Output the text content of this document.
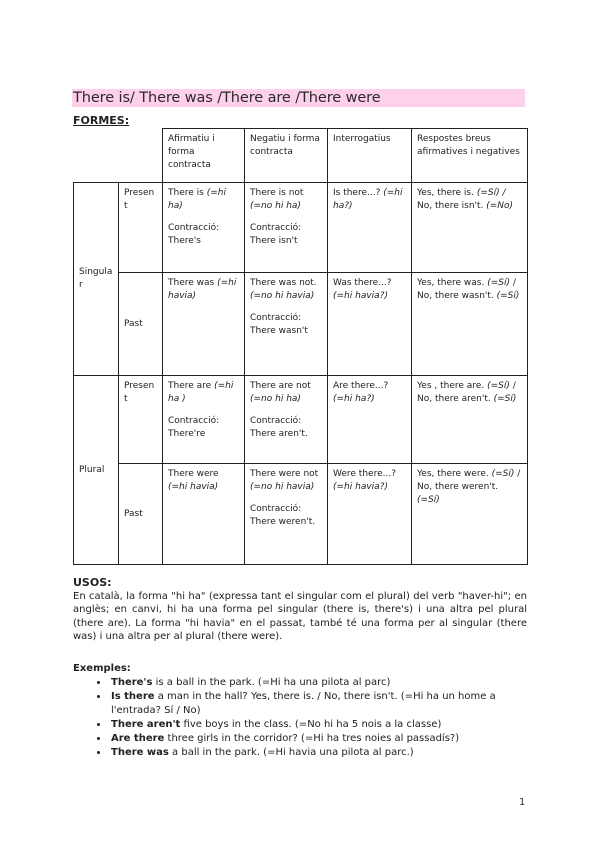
There is/ There was /There are /There were
FORMES:
		Afirmatiu i forma contracta	Negatiu i forma contracta	Interrogatius	Respostes breus afirmatives i negatives
Singular	Present	There is (=hi ha)
Contracció:
There's	There is not (=no hi ha)
Contracció:
There isn't	Is there...? (=hi ha?)	Yes, there is. (=Sí) / No, there isn't. (=No)
	Past	There was (=hi havia)	There was not. (=no hi havia)
Contracció:
There wasn't	Was there...? (=hi havia?)	Yes, there was. (=Sí) / No, there wasn't. (=Sí)
Plural	Present	There are (=hi ha )
Contracció:
There're	There are not (=no hi ha)
Contracció:
There aren't.	Are there...? (=hi ha?)	Yes , there are. (=Sí) / No, there aren't. (=Sí)
	Past	There were (=hi havia)	There were not (=no hi havia)
Contracció:
There weren't.	Were there...? (=hi havia?)	Yes, there were. (=Sí) / No, there weren't. (=Sí)
USOS:

En català, la forma "hi ha" (expressa tant el singular com el plural) del verb "haver-hi"; en anglès; en canvi, hi ha una forma pel singular (there is, there's) i una altra pel plural (there are). La forma "hi havia" en el passat, també té una forma per al singular (there was) i una altra per al plural (there were).

Exemples:
• There's is a ball in the park. (=Hi ha una pilota al parc)
• Is there a man in the hall? Yes, there is. / No, there isn't. (=Hi ha un home a l'entrada? Sí / No)
• There aren't five boys in the class. (=No hi ha 5 nois a la classe)
• Are there three girls in the corridor? (=Hi ha tres noies al passadís?)
• There was a ball in the park. (=Hi havia una pilota al parc.)
1
